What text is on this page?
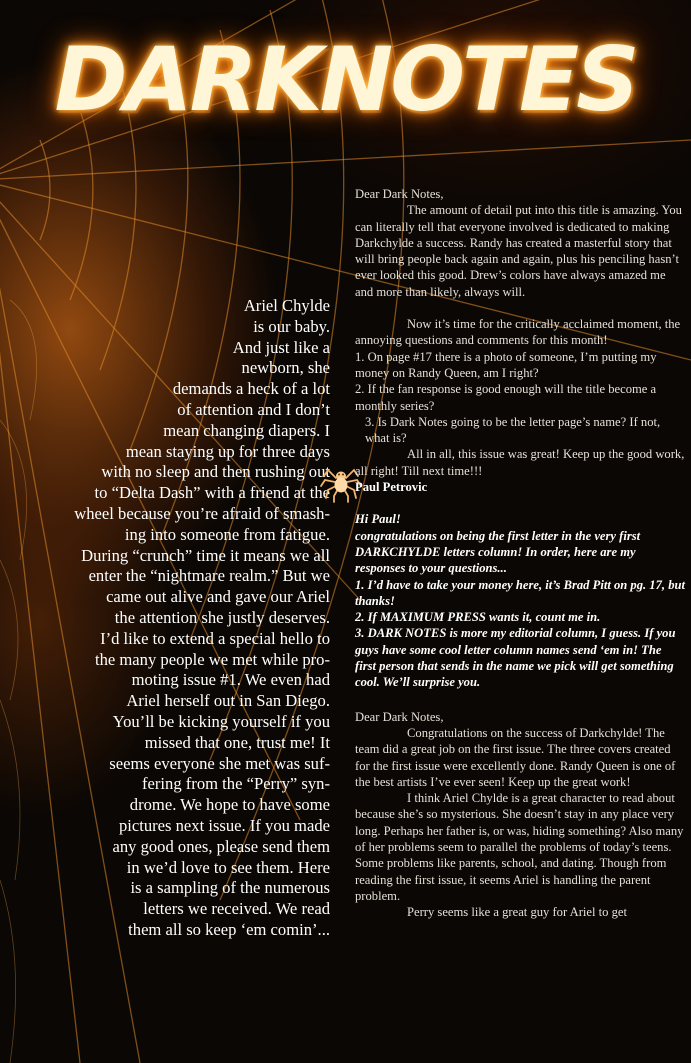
DARKNOTES
Ariel Chylde
is our baby.
And just like a
newborn, she
demands a heck of a lot
of attention and I don’t
mean changing diapers. I
mean staying up for three days
with no sleep and then rushing out
to “Delta Dash” with a friend at the
wheel because you’re afraid of smash-
ing into someone from fatigue.
During “crunch” time it means we all
enter the “nightmare realm.” But we
came out alive and gave our Ariel
the attention she justly deserves.
I’d like to extend a special hello to
the many people we met while pro-
moting issue #1. We even had
Ariel herself out in San Diego.
You’ll be kicking yourself if you
missed that one, trust me! It
seems everyone she met was suf-
fering from the “Perry” syn-
drome. We hope to have some
pictures next issue. If you made
any good ones, please send them
in we’d love to see them. Here
is a sampling of the numerous
letters we received. We read
them all so keep ‘em comin’...

Dear Dark Notes,

The amount of detail put into this title is amazing. You can literally tell that everyone involved is dedicated to making Darkchylde a success. Randy has created a masterful story that will bring people back again and again, plus his penciling hasn’t ever looked this good. Drew’s colors have always amazed me and more than likely, always will.

Now it’s time for the critically acclaimed moment, the annoying questions and comments for this month!

1. On page #17 there is a photo of someone, I’m putting my money on Randy Queen, am I right?

2. If the fan response is good enough will the title become a monthly series?

3. Is Dark Notes going to be the letter page’s name? If not, what is?

All in all, this issue was great! Keep up the good work, all right! Till next time!!!

Paul Petrovic

Hi Paul!

congratulations on being the first letter in the very first DARKCHYLDE letters column! In order, here are my responses to your questions...

1. I’d have to take your money here, it’s Brad Pitt on pg. 17, but thanks!

2. If MAXIMUM PRESS wants it, count me in.

3. DARK NOTES is more my editorial column, I guess. If you guys have some cool letter column names send ‘em in! The first person that sends in the name we pick will get something cool. We’ll surprise you.

Dear Dark Notes,

Congratulations on the success of Darkchylde! The team did a great job on the first issue. The three covers created for the first issue were excellently done. Randy Queen is one of the best artists I’ve ever seen! Keep up the great work!

I think Ariel Chylde is a great character to read about because she’s so mysterious. She doesn’t stay in any place very long. Perhaps her father is, or was, hiding something? Also many of her problems seem to parallel the problems of today’s teens. Some problems like parents, school, and dating. Though from reading the first issue, it seems Ariel is handling the parent problem.

Perry seems like a great guy for Ariel to get
